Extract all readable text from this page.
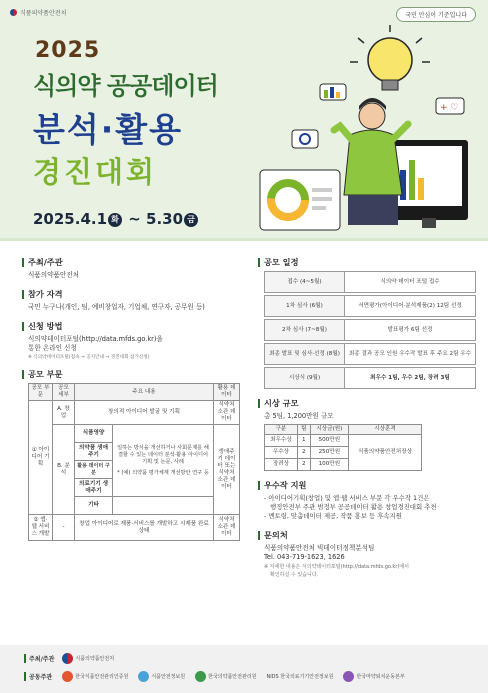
식품의약품안전처	국민 안심이 기준입니다
2025
식의약 공공데이터
분석·활용
경진대회
2025.4.1 화 ~ 5.30 금
+ ♡
주최/주관
식품의약품안전처
참가 자격
국민 누구나(개인, 팀, 예비창업자, 기업체, 연구자, 공무원 등)
신청 방법
식의약데이터포털(http://data.mfds.go.kr)을
통한 온라인 신청
※ 식의약데이터포털(접속 → 공지안내 → 경진대회 참가신청)
공모 부문
공모 부문	공모 세부	주요 내용		활용 데이터
① 아이디어 기획	A. 창업	창의적 아이디어 발굴 및 기획		식약처 소관 데이터
	B. 분석	식품영양	일하는 방식을 개선하거나 사회문제를 해결할 수 있는 데이터 분석·활용 아이디어 기획 및 논문, 사례
* (예) 의약품 평가체계 개선방안 연구 등	생애주기 데이터 또는 식약처 소관 데이터
		의약품 생애주기		
		활용 데이터 구분		
		의료기기 생애주기		
		기타		
② 앱·웹 서비스 개발	-	창업 아이디어로 제품·서비스를 개발하고 시제품 완료 상태		식약처 소관 데이터
공모 일정
접수 (4~5월)	식의약 데이터 포털 접수

1차 심사 (6월)	서면평가(아이디어·분석제품(2) 12팀 선정

2차 심사 (7~8월)	발표평가 6팀 선정

최종 발표 및 심사·선정 (8월)	최종 결과 공모 인원 우수작 발표 후 주요 2팀 우수

시상식 (9월)	최우수 1팀, 우수 2팀, 장려 3팀
시상 규모
총 5팀, 1,200만원 규모
구분	팀	시상금(원)	시상훈격
최우수상	1	500만원	식품의약품안전처장상
우수상	2	250만원	
장려상	2	100만원	
우수작 지원
- 아이디어기획(창업) 및 앱·웹 서비스 부문 각 우수작 1건은
행정안전부 주관 범정부 공공데이터 활용 창업경진대회 추천
- 멘토링, 맞춤데이터 제공, 작품 홍보 등 후속지원
문의처
식품의약품안전처 빅데이터정책분석팀
Tel. 043-719-1623, 1626
※ 자세한 내용은 식의약데이터포털(http://data.mfds.go.kr)에서
확인하실 수 있습니다.
주최/주관	식품의약품안전처
공동주관	한국식품안전관리인증원	식품안전정보원	한국의약품안전관리원 NIDS 한국의료기기안전정보원	한국마약퇴치운동본부
